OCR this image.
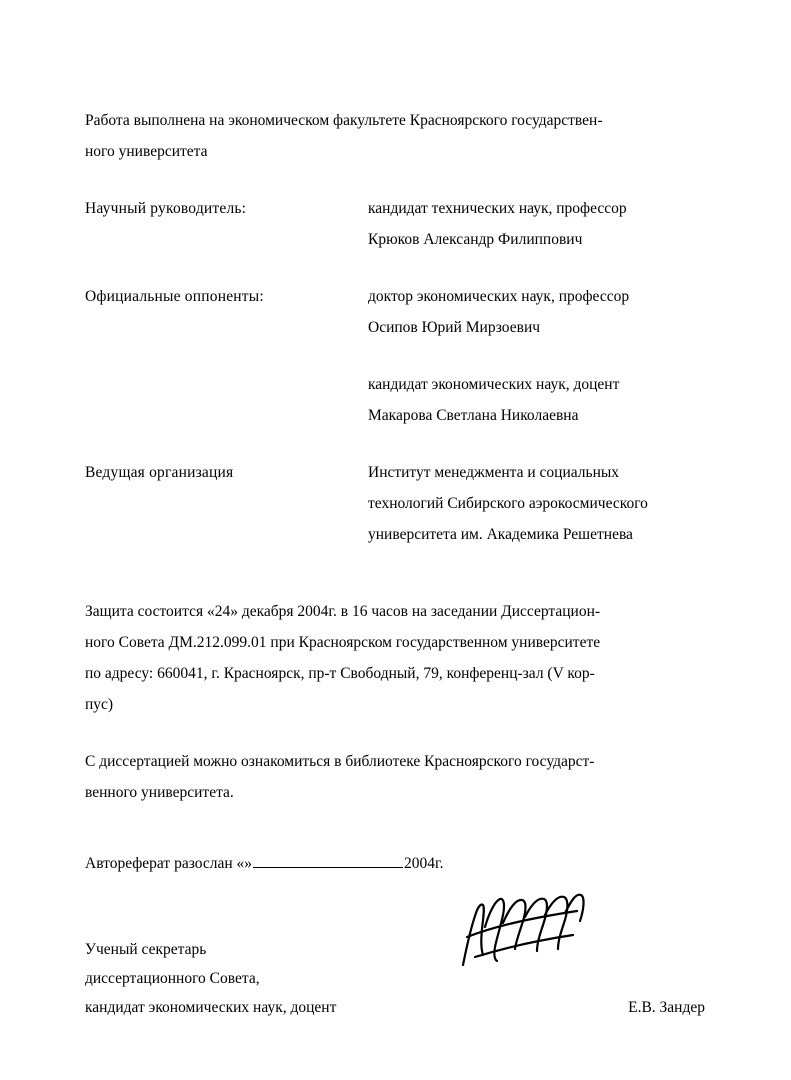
Работа выполнена на экономическом факультете Красноярского государствен-
ного университета
Научный руководитель:	кандидат технических наук, профессор
Крюков Александр Филиппович
Официальные оппоненты:	доктор экономических наук, профессор
Осипов Юрий Мирзоевич
кандидат экономических наук, доцент
Макарова Светлана Николаевна
Ведущая организация	Институт менеджмента и социальных
технологий Сибирского аэрокосмического
университета им. Академика Решетнева
Защита состоится «24» декабря 2004г. в 16 часов на заседании Диссертацион-
ного Совета ДМ.212.099.01 при Красноярском государственном университете
по адресу: 660041, г. Красноярск, пр-т Свободный, 79, конференц-зал (V кор-
пус)
С диссертацией можно ознакомиться в библиотеке Красноярского государст-
венного университета.
Автореферат разослан «»	2004г.
Ученый секретарь
диссертационного Совета,
кандидат экономических наук, доцент	Е.В. Зандер
